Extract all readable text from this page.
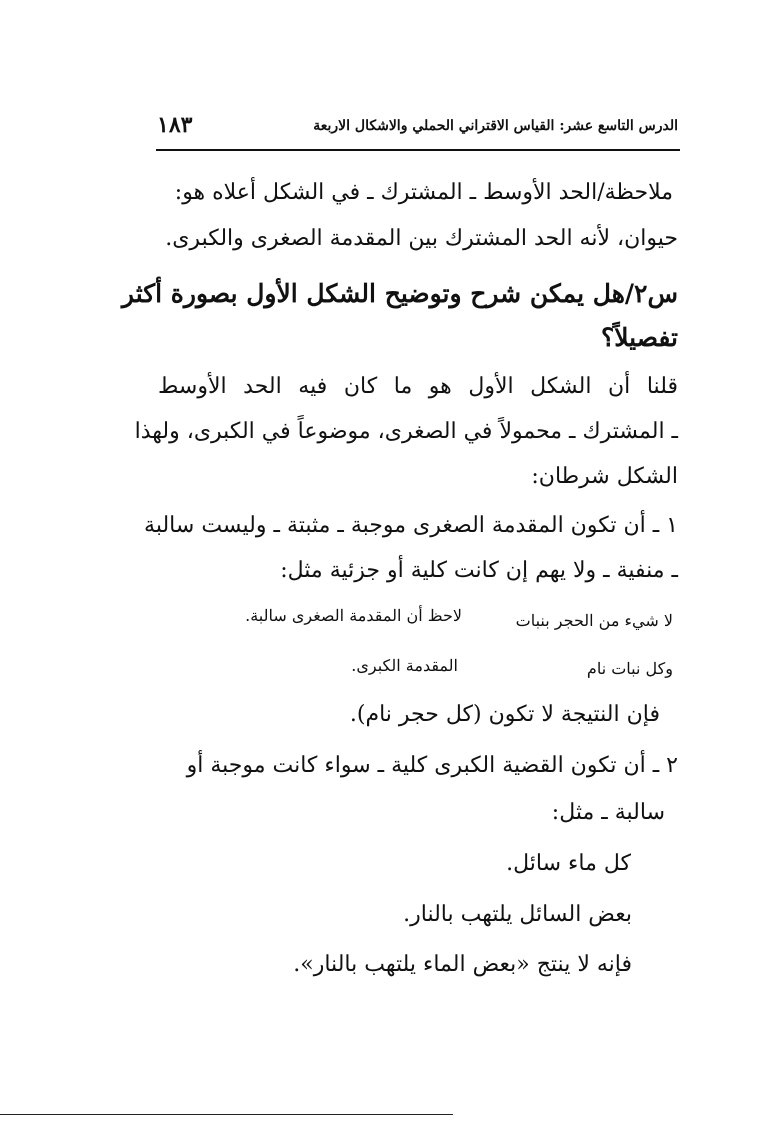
الدرس التاسع عشر: القياس الاقتراني الحملي والاشكال الاربعة
١٨٣
ملاحظة/الحد الأوسط ـ المشترك ـ في الشكل أعلاه هو:
حيوان، لأنه الحد المشترك بين المقدمة الصغرى والكبرى.
س٢/هل يمكن شرح وتوضيح الشكل الأول بصورة أكثر
تفصيلاً؟
قلنا أن الشكل الأول هو ما كان فيه الحد الأوسط
ـ المشترك ـ محمولاً في الصغرى، موضوعاً في الكبرى، ولهذا
الشكل شرطان:
١ ـ أن تكون المقدمة الصغرى موجبة ـ مثبتة ـ وليست سالبة
ـ منفية ـ ولا يهم إن كانت كلية أو جزئية مثل:
لا شيء من الحجر بنبات
لاحظ أن المقدمة الصغرى سالبة.
وكل نبات نام
المقدمة الكبرى.
فإن النتيجة لا تكون (كل حجر نام).
٢ ـ أن تكون القضية الكبرى كلية ـ سواء كانت موجبة أو
سالبة ـ مثل:
كل ماء سائل.
بعض السائل يلتهب بالنار.
فإنه لا ينتج «بعض الماء يلتهب بالنار».
